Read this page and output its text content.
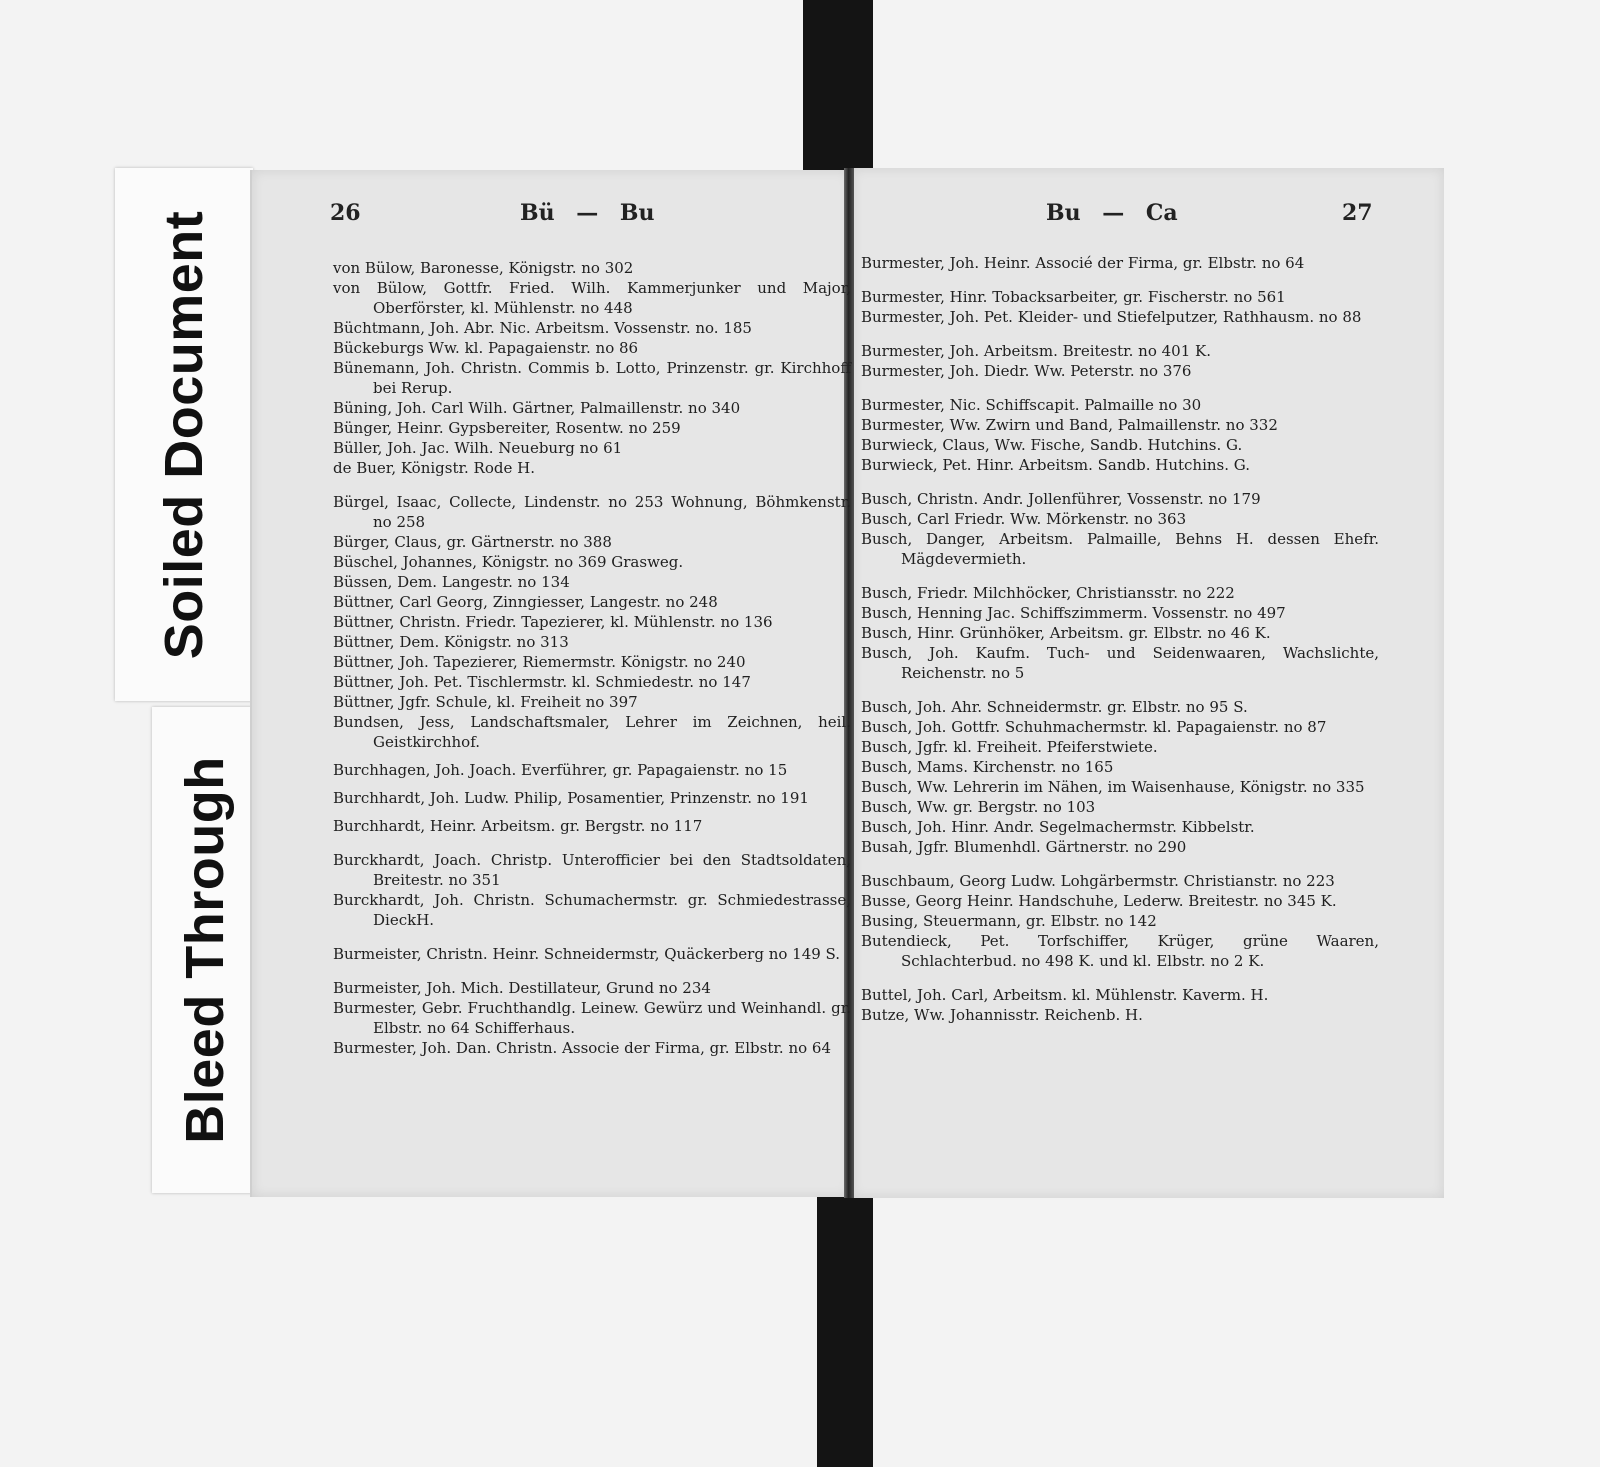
Soiled Document
Bleed Through
26	Bü — Bu	Bu — Ca	27
von Bülow, Baronesse, Königstr. no 302
von Bülow, Gottfr. Fried. Wilh. Kammerjunker und Major, Oberförster, kl. Mühlenstr. no 448
Büchtmann, Joh. Abr. Nic. Arbeitsm. Vossenstr. no. 185
Bückeburgs Ww. kl. Papagaienstr. no 86
Bünemann, Joh. Christn. Commis b. Lotto, Prinzenstr. gr. Kirchhoff bei Rerup.
Büning, Joh. Carl Wilh. Gärtner, Palmaillenstr. no 340
Bünger, Heinr. Gypsbereiter, Rosentw. no 259
Büller, Joh. Jac. Wilh. Neueburg no 61
de Buer, Königstr. Rode H.
Bürgel, Isaac, Collecte, Lindenstr. no 253 Wohnung, Böhmkenstr. no 258
Bürger, Claus, gr. Gärtnerstr. no 388
Büschel, Johannes, Königstr. no 369 Grasweg.
Büssen, Dem. Langestr. no 134
Büttner, Carl Georg, Zinngiesser, Langestr. no 248
Büttner, Christn. Friedr. Tapezierer, kl. Mühlenstr. no 136
Büttner, Dem. Königstr. no 313
Büttner, Joh. Tapezierer, Riemermstr. Königstr. no 240
Büttner, Joh. Pet. Tischlermstr. kl. Schmiedestr. no 147
Büttner, Jgfr. Schule, kl. Freiheit no 397
Bundsen, Jess, Landschaftsmaler, Lehrer im Zeichnen, heil. Geistkirchhof.
Burchhagen, Joh. Joach. Everführer, gr. Papagaienstr. no 15
Burchhardt, Joh. Ludw. Philip, Posamentier, Prinzenstr. no 191
Burchhardt, Heinr. Arbeitsm. gr. Bergstr. no 117
Burckhardt, Joach. Christp. Unterofficier bei den Stadtsoldaten, Breitestr. no 351
Burckhardt, Joh. Christn. Schumachermstr. gr. Schmiedestrasse, DieckH.
Burmeister, Christn. Heinr. Schneidermstr, Quäckerberg no 149 S.
Burmeister, Joh. Mich. Destillateur, Grund no 234
Burmester, Gebr. Fruchthandlg. Leinew. Gewürz und Weinhandl. gr. Elbstr. no 64 Schifferhaus.
Burmester, Joh. Dan. Christn. Associe der Firma, gr. Elbstr. no 64
Burmester, Joh. Heinr. Associé der Firma, gr. Elbstr. no 64
Burmester, Hinr. Tobacksarbeiter, gr. Fischerstr. no 561
Burmester, Joh. Pet. Kleider- und Stiefelputzer, Rathhausm. no 88
Burmester, Joh. Arbeitsm. Breitestr. no 401 K.
Burmester, Joh. Diedr. Ww. Peterstr. no 376
Burmester, Nic. Schiffscapit. Palmaille no 30
Burmester, Ww. Zwirn und Band, Palmaillenstr. no 332
Burwieck, Claus, Ww. Fische, Sandb. Hutchins. G.
Burwieck, Pet. Hinr. Arbeitsm. Sandb. Hutchins. G.
Busch, Christn. Andr. Jollenführer, Vossenstr. no 179
Busch, Carl Friedr. Ww. Mörkenstr. no 363
Busch, Danger, Arbeitsm. Palmaille, Behns H. dessen Ehefr. Mägdevermieth.
Busch, Friedr. Milchhöcker, Christiansstr. no 222
Busch, Henning Jac. Schiffszimmerm. Vossenstr. no 497
Busch, Hinr. Grünhöker, Arbeitsm. gr. Elbstr. no 46 K.
Busch, Joh. Kaufm. Tuch- und Seidenwaaren, Wachslichte, Reichenstr. no 5
Busch, Joh. Ahr. Schneidermstr. gr. Elbstr. no 95 S.
Busch, Joh. Gottfr. Schuhmachermstr. kl. Papagaienstr. no 87
Busch, Jgfr. kl. Freiheit. Pfeiferstwiete.
Busch, Mams. Kirchenstr. no 165
Busch, Ww. Lehrerin im Nähen, im Waisenhause, Königstr. no 335
Busch, Ww. gr. Bergstr. no 103
Busch, Joh. Hinr. Andr. Segelmachermstr. Kibbelstr.
Busah, Jgfr. Blumenhdl. Gärtnerstr. no 290
Buschbaum, Georg Ludw. Lohgärbermstr. Christianstr. no 223
Busse, Georg Heinr. Handschuhe, Lederw. Breitestr. no 345 K.
Busing, Steuermann, gr. Elbstr. no 142
Butendieck, Pet. Torfschiffer, Krüger, grüne Waaren, Schlachterbud. no 498 K. und kl. Elbstr. no 2 K.
Buttel, Joh. Carl, Arbeitsm. kl. Mühlenstr. Kaverm. H.
Butze, Ww. Johannisstr. Reichenb. H.
